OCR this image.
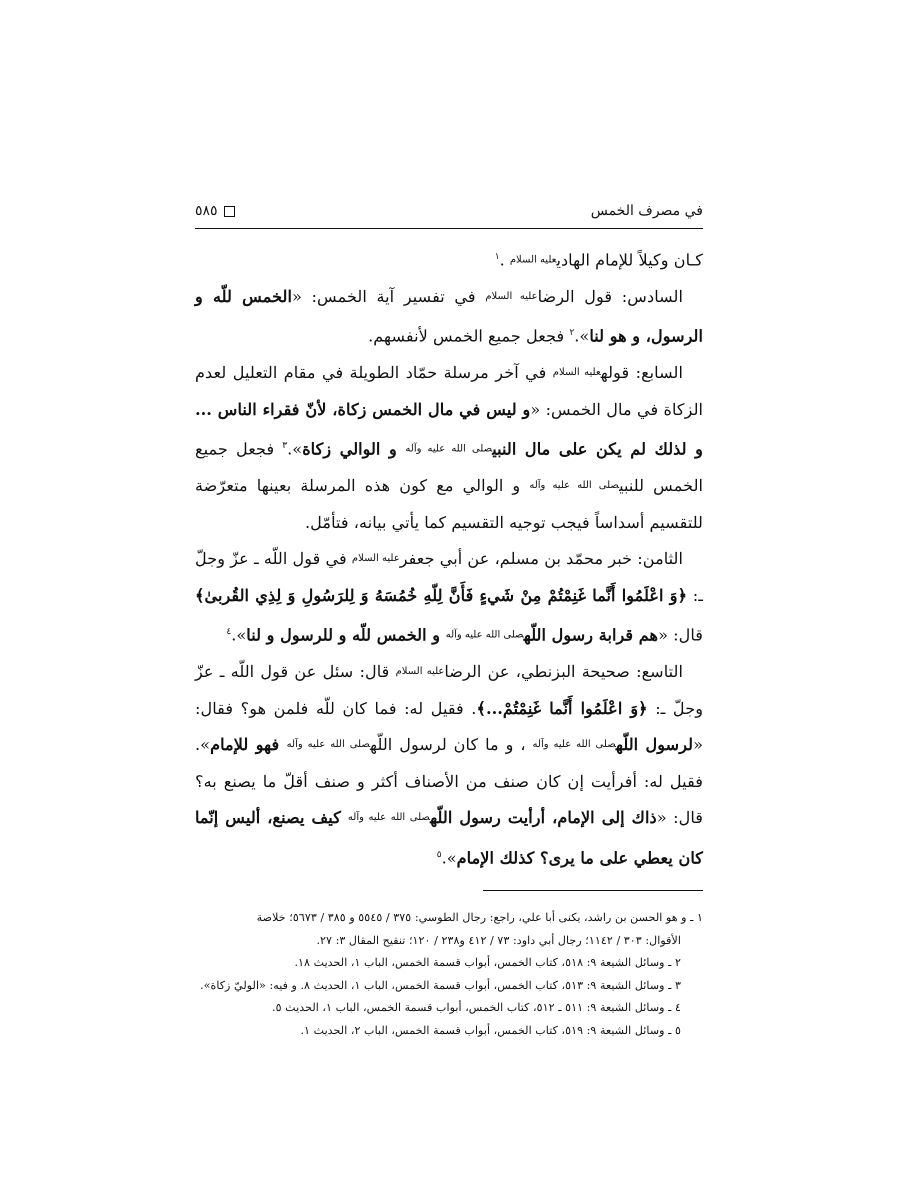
في مصرف الخمس
٥٨٥

كـان وكيلاً للإمام الهاديعليه السلام .$^١$

السادس: قول الرضاعليه السلام في تفسير آية الخمس: «الخمس للّه و الرسول، و هو لنا».$^٢$ فجعل جميع الخمس لأنفسهم.

السابع: قولهعليه السلام في آخر مرسلة حمّاد الطويلة في مقام التعليل لعدم الزكاة في مال الخمس: «و ليس في مال الخمس زكاة، لأنّ فقراء الناس ... و لذلك لم يكن على مال النبيصلى الله عليه وآله و الوالي زكاة».$^٣$ فجعل جميع الخمس للنبيصلى الله عليه وآله و الوالي مع كون هذه المرسلة بعينها متعرّضة للتقسيم أسداساً فيجب توجيه التقسيم كما يأتي بيانه، فتأمّل.

الثامن: خبر محمّد بن مسلم، عن أبي جعفرعليه السلام في قول اللّه ـ عزّ وجلّ ـ: ﴿وَ اعْلَمُوا أَنَّما غَنِمْتُمْ مِنْ شَيءٍ فَأَنَّ لِلّهِ خُمُسَهُ وَ لِلرَسُولِ وَ لِذِي القُربىٰ﴾ قال: «هم قرابة رسول اللّهصلى الله عليه وآله و الخمس للّه و للرسول و لنا».$^٤$

التاسع: صحيحة البزنطي، عن الرضاعليه السلام قال: سئل عن قول اللّه ـ عزّ وجلّ ـ: ﴿وَ اعْلَمُوا أَنَّما غَنِمْتُمْ...﴾. فقيل له: فما كان للّه فلمن هو؟ فقال: «لرسول اللّهصلى الله عليه وآله ، و ما كان لرسول اللّهصلى الله عليه وآله فهو للإمام». فقيل له: أفرأيت إن كان صنف من الأصناف أكثر و صنف أقلّ ما يصنع به؟ قال: «ذاك إلى الإمام، أرأيت رسول اللّهصلى الله عليه وآله كيف يصنع، أليس إنّما كان يعطي على ما يرى؟ كذلك الإمام».$^٥$

١ ـ و هو الحسن بن راشد، يكنى أبا علي، راجع: رجال الطوسي: ٣٧٥ / ٥٥٤٥ و ٣٨٥ / ٥٦٧٣؛ خلاصة

الأقوال: ٣٠٣ / ١١٤٢؛ رجال أبي داود: ٧٣ / ٤١٢ و٢٣٨ / ١٢٠؛ تنقيح المقال ٣: ٢٧.

٢ ـ وسائل الشيعة ٩: ٥١٨، كتاب الخمس، أبواب قسمة الخمس، الباب ١، الحديث ١٨.

٣ ـ وسائل الشيعة ٩: ٥١٣، كتاب الخمس، أبواب قسمة الخمس، الباب ١، الحديث ٨. و فيه: «الوليّ زكاة».

٤ ـ وسائل الشيعة ٩: ٥١١ ـ ٥١٢، كتاب الخمس، أبواب قسمة الخمس، الباب ١، الحديث ٥.

٥ ـ وسائل الشيعة ٩: ٥١٩، كتاب الخمس، أبواب قسمة الخمس، الباب ٢، الحديث ١.
